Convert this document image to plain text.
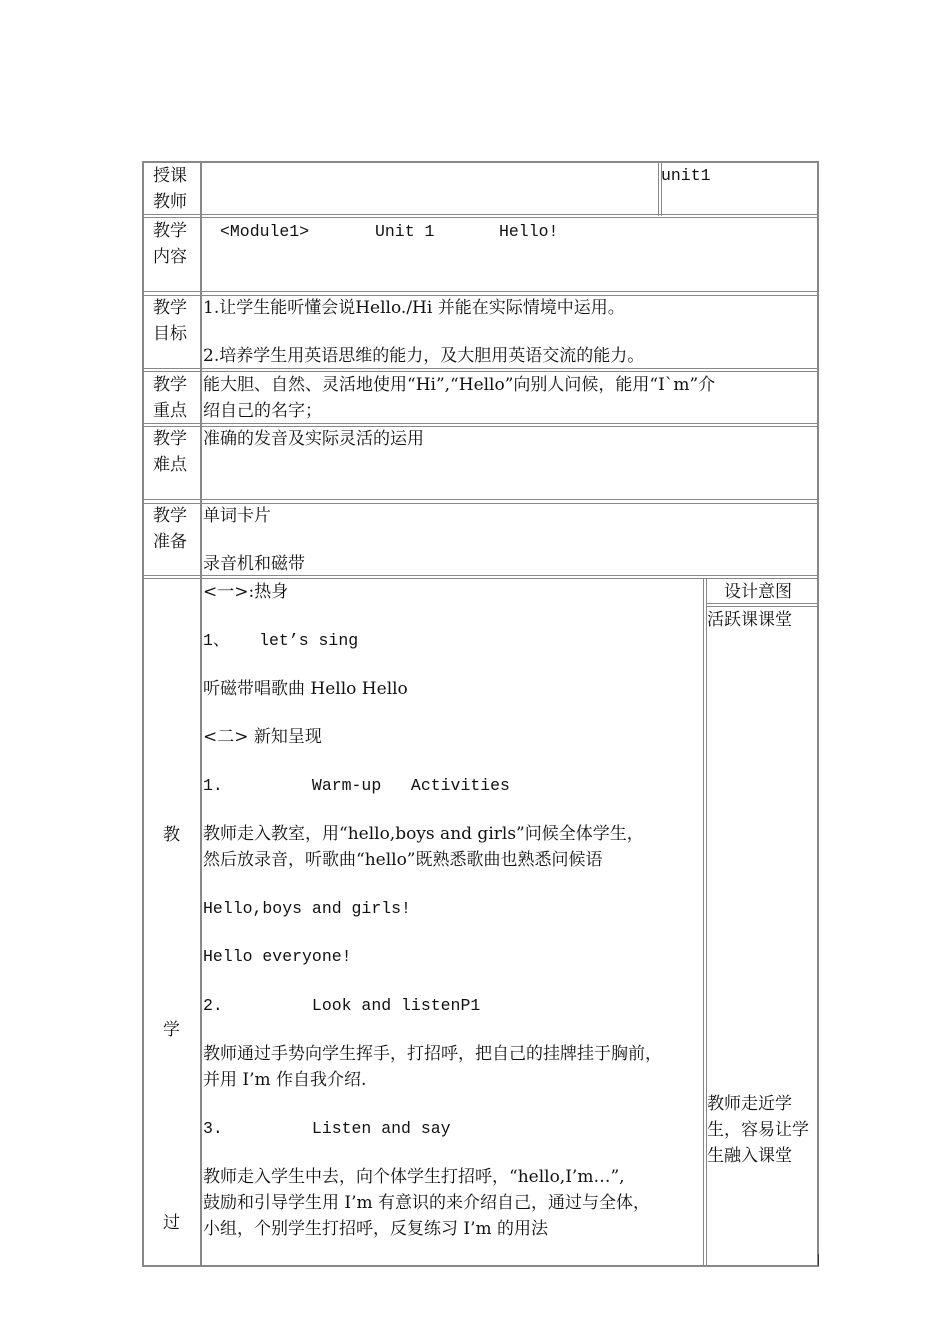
授课
教师
unit1
教学
内容
<Module1>	Unit 1	Hello!
教学
目标
1.让学生能听懂会说Hello./Hi 并能在实际情境中运用。
2.培养学生用英语思维的能力，及大胆用英语交流的能力。
教学
重点
能大胆、自然、灵活地使用“Hi”,“Hello”向别人问候，能用“I`m”介
绍自己的名字；
教学
难点
准确的发音及实际灵活的运用
教学
准备
单词卡片
录音机和磁带
教
学
过
设计意图
活跃课课堂
教师走近学
生，容易让学
生融入课堂
<一>:热身
1、   let’s sing
听磁带唱歌曲 Hello Hello
<二> 新知呈现
1.         Warm-up   Activities
教师走入教室，用“hello,boys and girls”问候全体学生，
然后放录音，听歌曲“hello”既熟悉歌曲也熟悉问候语
Hello,boys and girls!
Hello everyone!
2.         Look and listenP1
教师通过手势向学生挥手，打招呼，把自己的挂牌挂于胸前，
并用 I’m 作自我介绍.
3.         Listen and say
教师走入学生中去，向个体学生打招呼，“hello,I’m…”,
鼓励和引导学生用 I’m 有意识的来介绍自己，通过与全体，
小组，个别学生打招呼，反复练习 I’m 的用法
